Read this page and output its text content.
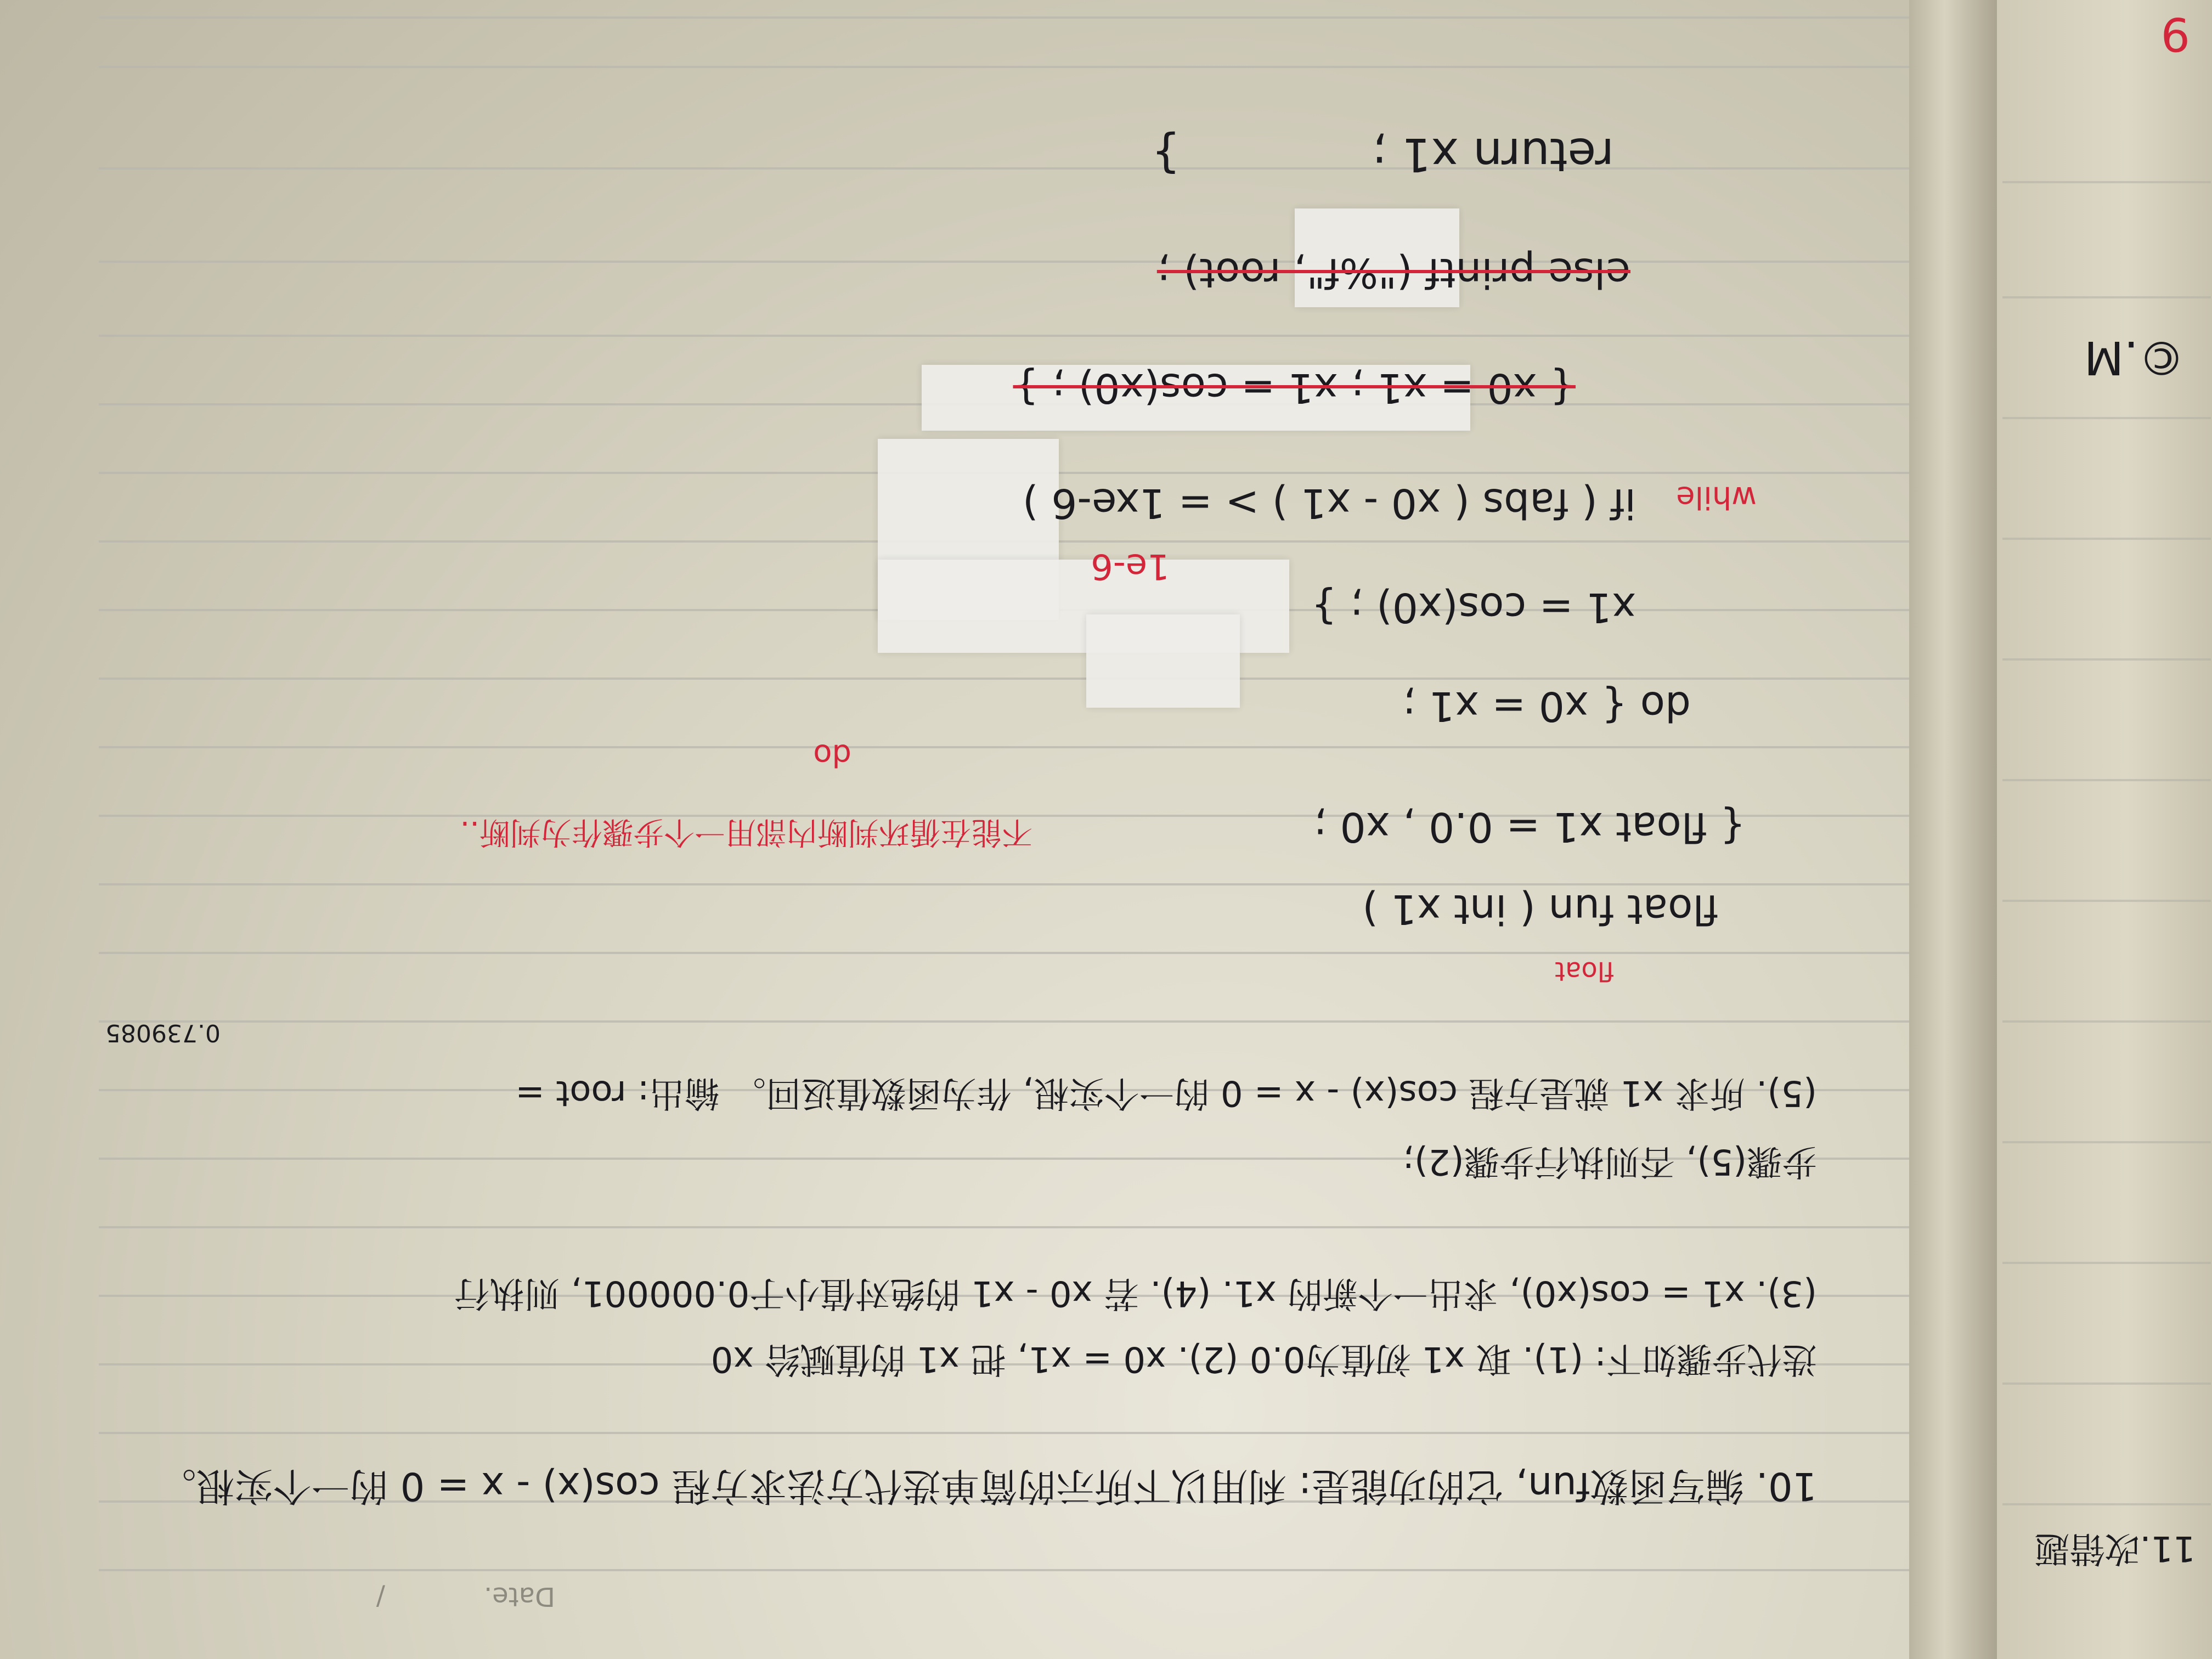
11.改错题
©.M
9
Date.
/
10. 编写函数fun, 它的功能是: 利用以下所示的简单迭代方法求方程 cos(x) - x = 0 的一个实根。
迭代步骤如下: (1). 取 x1 初值为0.0 (2). x0 = x1, 把 x1 的值赋给 x0
(3). x1 = cos(x0), 求出一个新的 x1. (4). 若 x0 - x1 的绝对值小于0.000001, 则执行
步骤(5), 否则执行步骤(2);
(5). 所求 x1 就是方程 cos(x) - x = 0 的一个实根, 作为函数值返回。 输出: root =
0.739085
float fun ( int x1 )
float
{ float x1 = 0.0 , x0 ;
不能在循环判断内部用一个步骤作为判断..
do { x0 = x1 ;
do
x1 = cos(x0) ; }
1e-6
if ( fabs ( x0 - x1 ) > = 1xe-6 ) while
{ x0 = x1 ; x1 = cos(x0) ; }
else printf ("%f", root) ;
return x1 ;
}
